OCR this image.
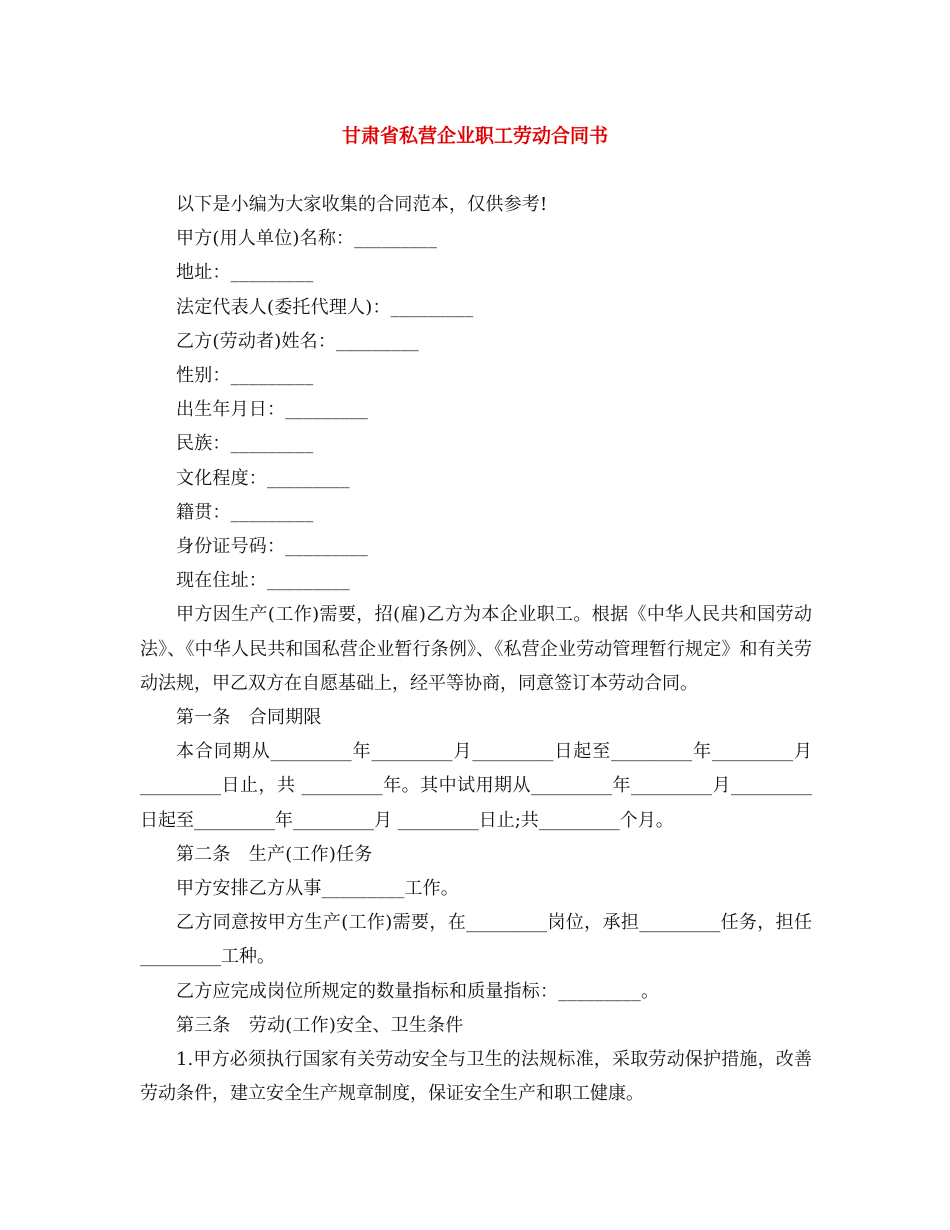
甘肃省私营企业职工劳动合同书

以下是小编为大家收集的合同范本，仅供参考!

甲方(用人单位)名称：_________

地址：_________

法定代表人(委托代理人)：_________

乙方(劳动者)姓名：_________

性别：_________

出生年月日：_________

民族：_________

文化程度：_________

籍贯：_________

身份证号码：_________

现在住址：_________

甲方因生产(工作)需要，招(雇)乙方为本企业职工。根据《中华人民共和国劳动法》、《中华人民共和国私营企业暂行条例》、《私营企业劳动管理暂行规定》和有关劳动法规，甲乙双方在自愿基础上，经平等协商，同意签订本劳动合同。

第一条　合同期限

本合同期从_________年_________月_________日起至_________年_________月_________日止，共 _________年。其中试用期从_________年_________月_________日起至_________年_________月 _________日止;共_________个月。

第二条　生产(工作)任务

甲方安排乙方从事_________工作。

乙方同意按甲方生产(工作)需要，在_________岗位，承担_________任务，担任_________工种。

乙方应完成岗位所规定的数量指标和质量指标：_________。

第三条　劳动(工作)安全、卫生条件

1.甲方必须执行国家有关劳动安全与卫生的法规标准，采取劳动保护措施，改善劳动条件，建立安全生产规章制度，保证安全生产和职工健康。
